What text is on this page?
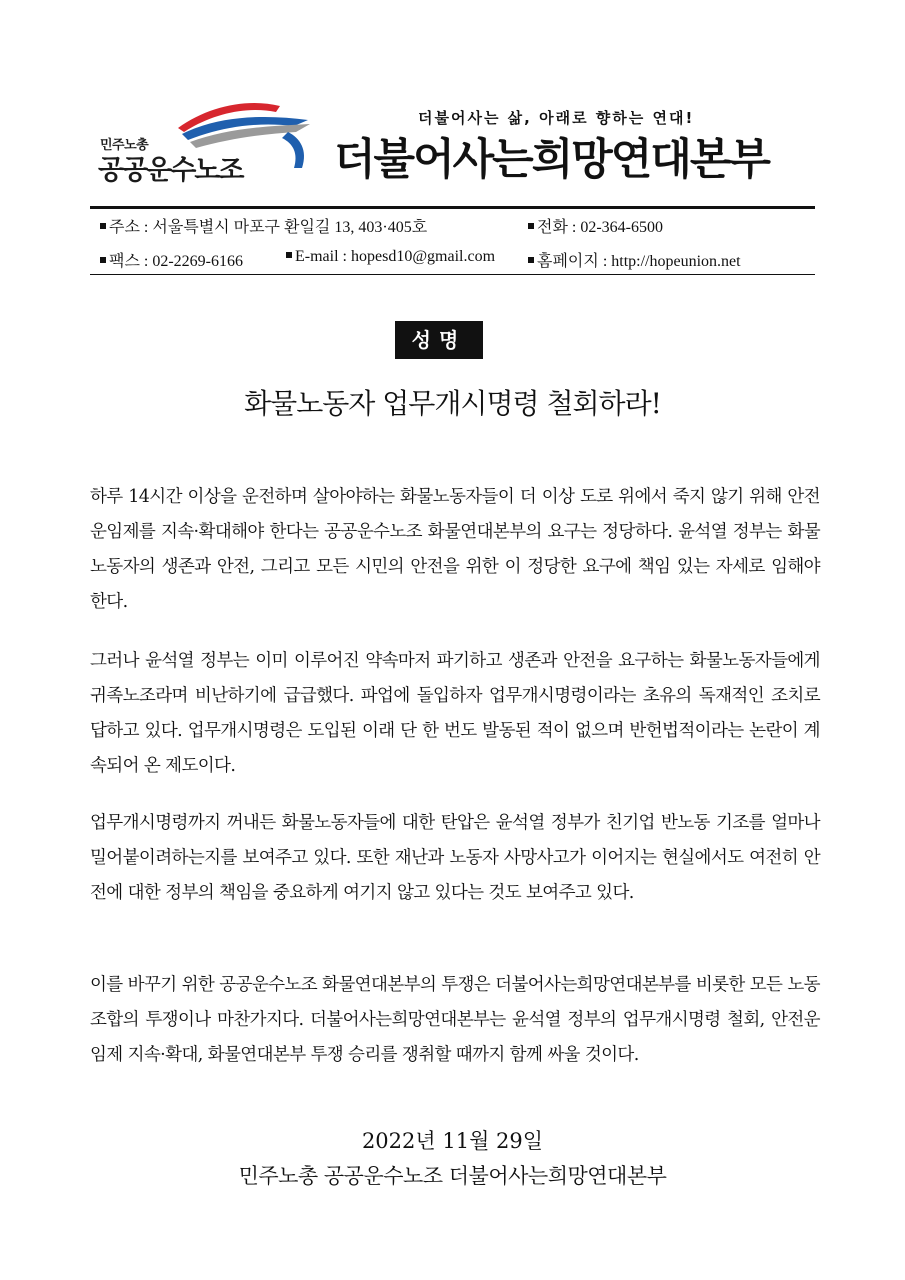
민주노총
공공운수노조
더불어사는 삶, 아래로 향하는 연대!
더불어사는희망연대본부
주소 : 서울특별시 마포구 환일길 13, 403·405호	전화 : 02-364-6500
팩스 : 02-2269-6166	E-mail : hopesd10@gmail.com	홈페이지 : http://hopeunion.net
성명
화물노동자 업무개시명령 철회하라!

하루 14시간 이상을 운전하며 살아야하는 화물노동자들이 더 이상 도로 위에서 죽지 않기 위해 안전운임제를 지속·확대해야 한다는 공공운수노조 화물연대본부의 요구는 정당하다. 윤석열 정부는 화물노동자의 생존과 안전, 그리고 모든 시민의 안전을 위한 이 정당한 요구에 책임 있는 자세로 임해야 한다.

그러나 윤석열 정부는 이미 이루어진 약속마저 파기하고 생존과 안전을 요구하는 화물노동자들에게 귀족노조라며 비난하기에 급급했다. 파업에 돌입하자 업무개시명령이라는 초유의 독재적인 조치로 답하고 있다. 업무개시명령은 도입된 이래 단 한 번도 발동된 적이 없으며 반헌법적이라는 논란이 계속되어 온 제도이다.

업무개시명령까지 꺼내든 화물노동자들에 대한 탄압은 윤석열 정부가 친기업 반노동 기조를 얼마나 밀어붙이려하는지를 보여주고 있다. 또한 재난과 노동자 사망사고가 이어지는 현실에서도 여전히 안전에 대한 정부의 책임을 중요하게 여기지 않고 있다는 것도 보여주고 있다.

이를 바꾸기 위한 공공운수노조 화물연대본부의 투쟁은 더불어사는희망연대본부를 비롯한 모든 노동조합의 투쟁이나 마찬가지다. 더불어사는희망연대본부는 윤석열 정부의 업무개시명령 철회, 안전운임제 지속·확대, 화물연대본부 투쟁 승리를 쟁취할 때까지 함께 싸울 것이다.

2022년 11월 29일
민주노총 공공운수노조 더불어사는희망연대본부
